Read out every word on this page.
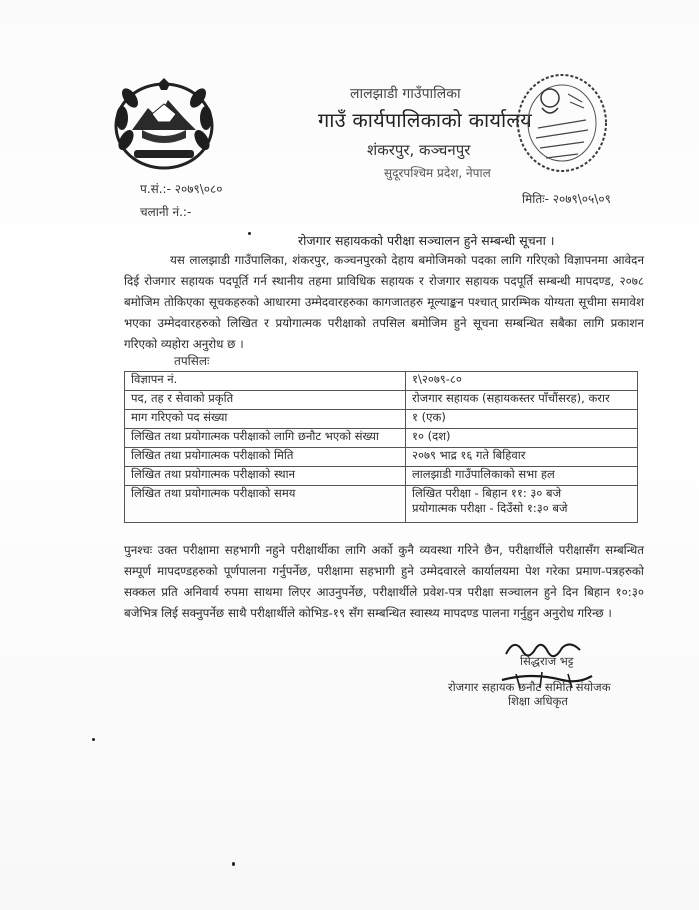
लालझाडी गाउँपालिका
गाउँ कार्यपालिकाको कार्यालय
शंकरपुर, कञ्चनपुर
सुदूरपश्चिम प्रदेश, नेपाल
प.सं.:- २०७९\०८०
चलानी नं.:-
मितिः- २०७९\०५\०९
रोजगार सहायकको परीक्षा सञ्चालन हुने सम्बन्धी सूचना ।
यस लालझाडी गाउँपालिका, शंकरपुर, कञ्चनपुरको देहाय बमोजिमको पदका लागि गरिएको विज्ञापनमा आवेदन दिई रोजगार सहायक पदपूर्ति गर्न स्थानीय तहमा प्राविधिक सहायक र रोजगार सहायक पदपूर्ति सम्बन्धी मापदण्ड, २०७८ बमोजिम तोकिएका सूचकहरुको आधारमा उम्मेदवारहरुका कागजातहरु मूल्याङ्कन पश्चात् प्रारम्भिक योग्यता सूचीमा समावेश भएका उम्मेदवारहरुको लिखित र प्रयोगात्मक परीक्षाको तपसिल बमोजिम हुने सूचना सम्बन्धित सबैका लागि प्रकाशन गरिएको व्यहोरा अनुरोध छ ।
तपसिलः
विज्ञापन नं.	१\२०७९-८०
पद, तह र सेवाको प्रकृति	रोजगार सहायक (सहायकस्तर पाँचौंसरह), करार
माग गरिएको पद संख्या	१ (एक)
लिखित तथा प्रयोगात्मक परीक्षाको लागि छनौट भएको संख्या	१० (दश)
लिखित तथा प्रयोगात्मक परीक्षाको मिति	२०७९ भाद्र १६ गते बिहिवार
लिखित तथा प्रयोगात्मक परीक्षाको स्थान	लालझाडी गाउँपालिकाको सभा हल
लिखित तथा प्रयोगात्मक परीक्षाको समय	लिखित परीक्षा - बिहान ११: ३० बजे
प्रयोगात्मक परीक्षा - दिउँसो १:३० बजे
पुनश्चः उक्त परीक्षामा सहभागी नहुने परीक्षार्थीका लागि अर्को कुनै व्यवस्था गरिने छैन, परीक्षार्थीले परीक्षासँग सम्बन्धित सम्पूर्ण मापदण्डहरुको पूर्णपालना गर्नुपर्नेछ, परीक्षामा सहभागी हुने उम्मेदवारले कार्यालयमा पेश गरेका प्रमाण-पत्रहरुको सक्कल प्रति अनिवार्य रुपमा साथमा लिएर आउनुपर्नेछ, परीक्षार्थीले प्रवेश-पत्र परीक्षा सञ्चालन हुने दिन बिहान १०:३० बजेभित्र लिई सक्नुपर्नेछ साथै परीक्षार्थीले कोभिड-१९ सँग सम्बन्धित स्वास्थ्य मापदण्ड पालना गर्नुहुन अनुरोध गरिन्छ ।
सिद्धराज भट्ट
रोजगार सहायक छनौट समिति संयोजक
शिक्षा अधिकृत
